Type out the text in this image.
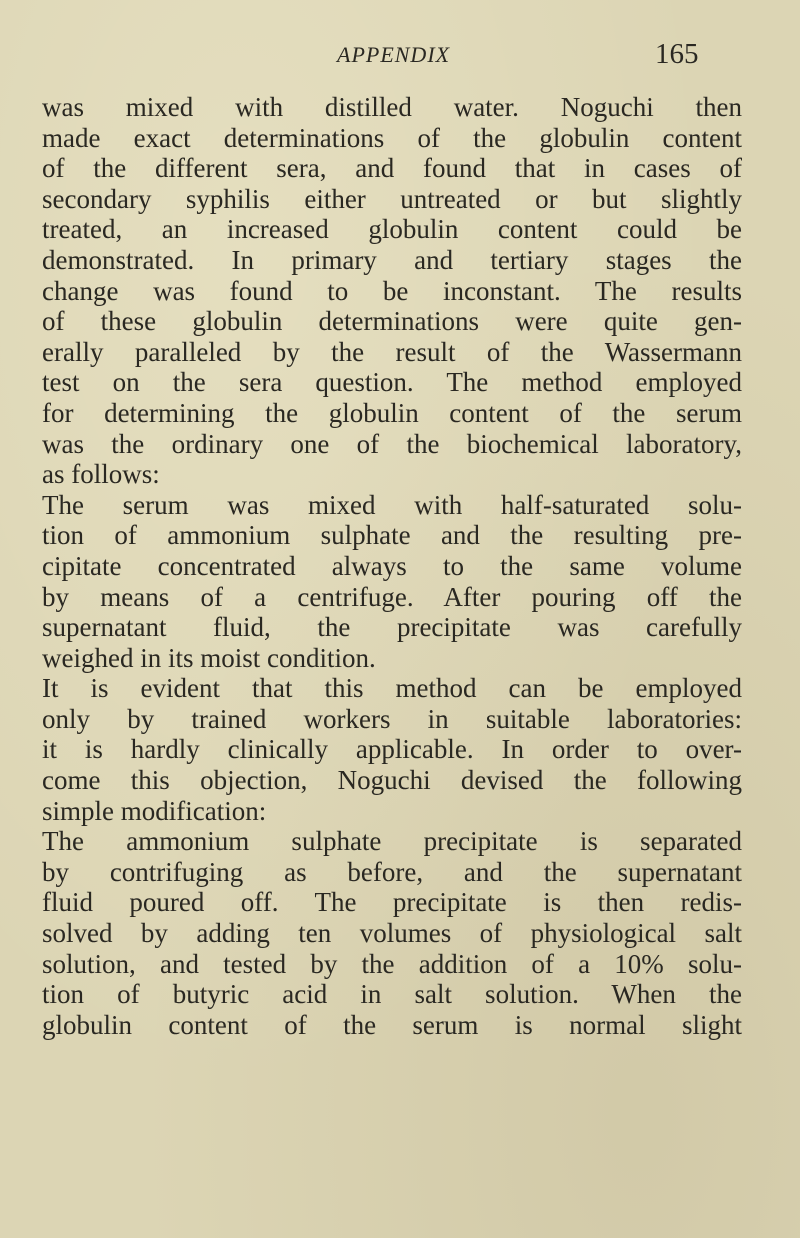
APPENDIX	165
was mixed with distilled water. Noguchi then
made exact determinations of the globulin content
of the different sera, and found that in cases of
secondary syphilis either untreated or but slightly
treated, an increased globulin content could be
demonstrated. In primary and tertiary stages the
change was found to be inconstant. The results
of these globulin determinations were quite gen-
erally paralleled by the result of the Wassermann
test on the sera question. The method employed
for determining the globulin content of the serum
was the ordinary one of the biochemical laboratory,
as follows:
The serum was mixed with half-saturated solu-
tion of ammonium sulphate and the resulting pre-
cipitate concentrated always to the same volume
by means of a centrifuge. After pouring off the
supernatant fluid, the precipitate was carefully
weighed in its moist condition.
It is evident that this method can be employed
only by trained workers in suitable laboratories:
it is hardly clinically applicable. In order to over-
come this objection, Noguchi devised the following
simple modification:
The ammonium sulphate precipitate is separated
by contrifuging as before, and the supernatant
fluid poured off. The precipitate is then redis-
solved by adding ten volumes of physiological salt
solution, and tested by the addition of a 10% solu-
tion of butyric acid in salt solution. When the
globulin content of the serum is normal slight
